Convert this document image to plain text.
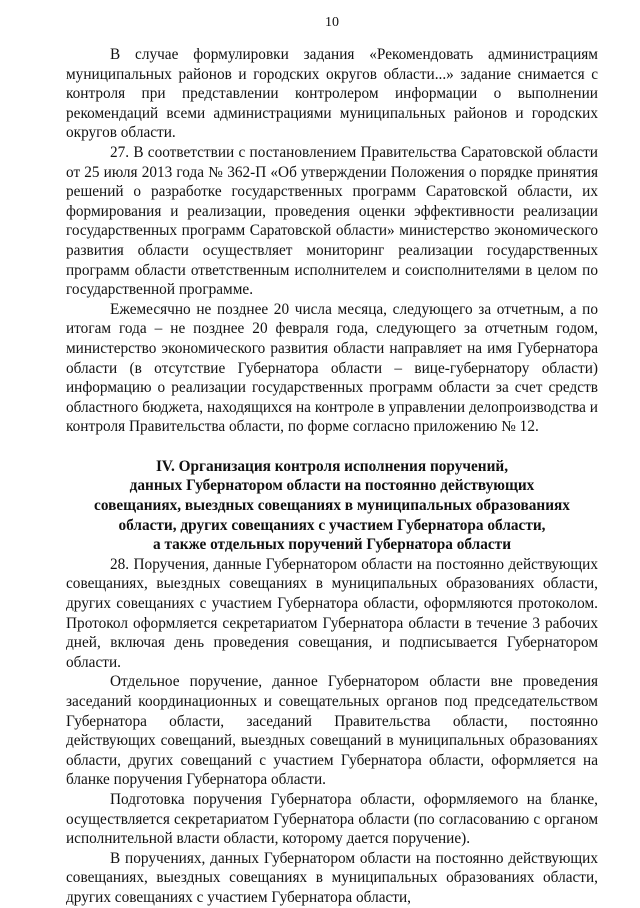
10

В случае формулировки задания «Рекомендовать администрациям муниципальных районов и городских округов области...» задание снимается с контроля при представлении контролером информации о выполнении рекомендаций всеми администрациями муниципальных районов и городских округов области.

27. В соответствии с постановлением Правительства Саратовской области от 25 июля 2013 года № 362-П «Об утверждении Положения о порядке принятия решений о разработке государственных программ Саратовской области, их формирования и реализации, проведения оценки эффективности реализации государственных программ Саратовской области» министерство экономического развития области осуществляет мониторинг реализации государственных программ области ответственным исполнителем и соисполнителями в целом по государственной программе.

Ежемесячно не позднее 20 числа месяца, следующего за отчетным, а по итогам года – не позднее 20 февраля года, следующего за отчетным годом, министерство экономического развития области направляет на имя Губернатора области (в отсутствие Губернатора области – вице-губернатору области) информацию о реализации государственных программ области за счет средств областного бюджета, находящихся на контроле в управлении делопроизводства и контроля Правительства области, по форме согласно приложению № 12.

IV. Организация контроля исполнения поручений,
данных Губернатором области на постоянно действующих
совещаниях, выездных совещаниях в муниципальных образованиях
области, других совещаниях с участием Губернатора области,
а также отдельных поручений Губернатора области

28. Поручения, данные Губернатором области на постоянно действующих совещаниях, выездных совещаниях в муниципальных образованиях области, других совещаниях с участием Губернатора области, оформляются протоколом. Протокол оформляется секретариатом Губернатора области в течение 3 рабочих дней, включая день проведения совещания, и подписывается Губернатором области.

Отдельное поручение, данное Губернатором области вне проведения заседаний координационных и совещательных органов под председательством Губернатора области, заседаний Правительства области, постоянно действующих совещаний, выездных совещаний в муниципальных образованиях области, других совещаний с участием Губернатора области, оформляется на бланке поручения Губернатора области.

Подготовка поручения Губернатора области, оформляемого на бланке, осуществляется секретариатом Губернатора области (по согласованию с органом исполнительной власти области, которому дается поручение).

В поручениях, данных Губернатором области на постоянно действующих совещаниях, выездных совещаниях в муниципальных образованиях области, других совещаниях с участием Губернатора области,
